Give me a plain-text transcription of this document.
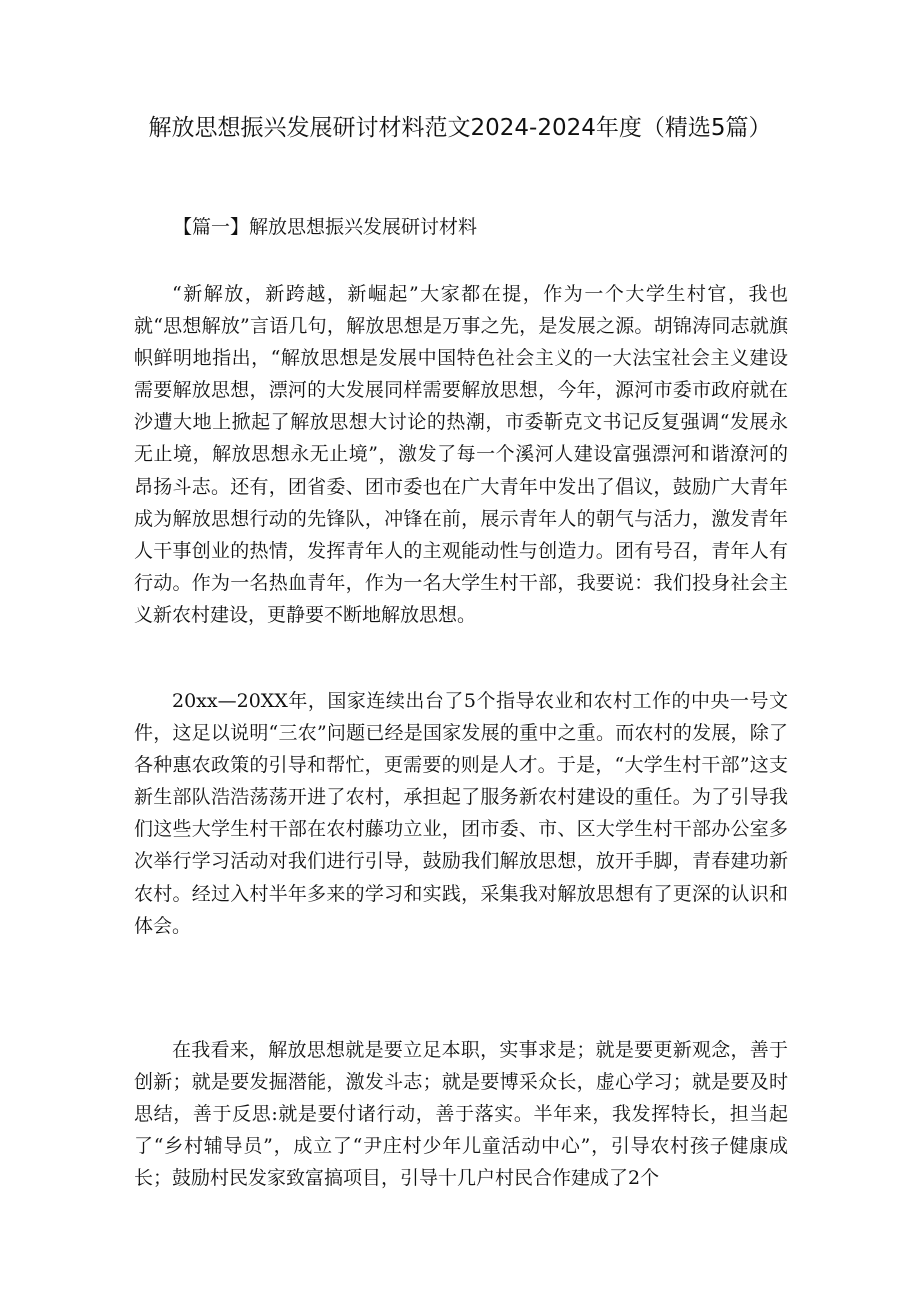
解放思想振兴发展研讨材料范文2024-2024年度（精选5篇）
【篇一】解放思想振兴发展研讨材料

“新解放，新跨越，新崛起”大家都在提，作为一个大学生村官，我也就“思想解放”言语几句，解放思想是万事之先，是发展之源。胡锦涛同志就旗帜鲜明地指出，“解放思想是发展中国特色社会主义的一大法宝社会主义建设需要解放思想，漂河的大发展同样需要解放思想，今年，源河市委市政府就在沙遭大地上掀起了解放思想大讨论的热潮，市委靳克文书记反复强调“发展永无止境，解放思想永无止境”，激发了每一个溪河人建设富强漂河和谐潦河的昂扬斗志。还有，团省委、团市委也在广大青年中发出了倡议，鼓励广大青年成为解放思想行动的先锋队，冲锋在前，展示青年人的朝气与活力，激发青年人干事创业的热情，发挥青年人的主观能动性与创造力。团有号召，青年人有行动。作为一名热血青年，作为一名大学生村干部，我要说：我们投身社会主义新农村建设，更静要不断地解放思想。

20xx—20XX年，国家连续出台了5个指导农业和农村工作的中央一号文件，这足以说明“三农”问题已经是国家发展的重中之重。而农村的发展，除了各种惠农政策的引导和帮忙，更需要的则是人才。于是，“大学生村干部”这支新生部队浩浩荡荡开进了农村，承担起了服务新农村建设的重任。为了引导我们这些大学生村干部在农村藤功立业，团市委、市、区大学生村干部办公室多次举行学习活动对我们进行引导，鼓励我们解放思想，放开手脚，青春建功新农村。经过入村半年多来的学习和实践，采集我对解放思想有了更深的认识和体会。

在我看来，解放思想就是要立足本职，实事求是；就是要更新观念，善于创新；就是要发掘潜能，激发斗志；就是要博采众长，虚心学习；就是要及时思结，善于反思:就是要付诸行动，善于落实。半年来，我发挥特长，担当起了“乡村辅导员”，成立了“尹庄村少年儿童活动中心”，引导农村孩子健康成长；鼓励村民发家致富搞项目，引导十几户村民合作建成了2个
